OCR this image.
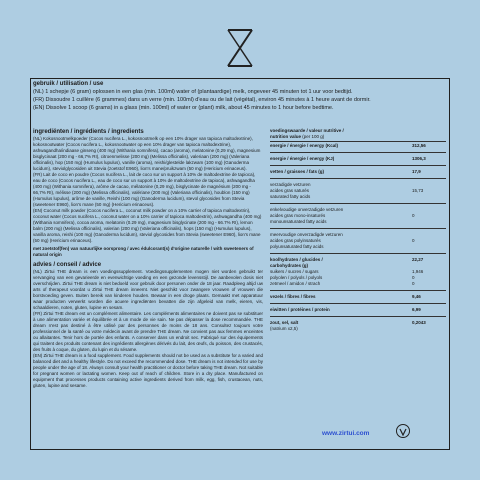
gebruik / utilisation / use
(NL) 1 schepje (6 gram) oplossen in een glas (min. 100ml) water of (plantaardige) melk, ongeveer 45 minuten tot 1 uur voor bedtijd.
(FR) Dissoudre 1 cuillère (6 grammes) dans un verre (min. 100ml) d'eau ou de lait (végétal), environ 45 minutes à 1 heure avant de dormir.
(EN) Dissolve 1 scoop (6 grams) in a glass (min. 100ml) of water or (plant) milk, about 45 minutes to 1 hour before bedtime.
ingrediënten / ingrédients / ingredients
(NL) Kokosnootmelkpoeder (Cocos nucifera L., kokosnootmelk op een 10% drager van tapioca maltodextrine), kokosnootwater (Cocos nucifera L., kokosnootwater op een 10% drager van tapioca maltodextrine), ashwagandha/indiaase ginseng (400 mg) (Withania somnifera), cacao (aroma), melatonine (0,29 mg), magnesium bisglycinaat (200 mg - 66,7% RI), citroenmelisse (200 mg) (Melissa officinalis), valeriaan (200 mg) (Valeriana officinalis), hop (150 mg) (Humulus lupulus), vanille (aroma), reishi/glestelde lakzwam (100 mg) (Ganoderma lucidum), steviolglycosiden uit Stevia (zoetstof E960), lion's mane/pruikzwam (50 mg) (Hericium erinaceus).
(FR) Lait de coco en poudre (Cocos nucifera L., lait de coco sur un support à 10% de maltodextrine de tapioca), eau de coco (Cocos nucifera L., eau de coco sur un support à 10% de maltodextrine de tapioca), ashwagandha (400 mg) (Withania somnifera), arôme de cacao, mélatonine (0,29 mg), bisglycinate de magnésium (200 mg - 66,7% RI), mélisse (200 mg) (Melissa officinalis), valériane (200 mg) (Valeriana officinalis), houblon (150 mg) (Humulus lupulus), arôme de vanille, Reishi (100 mg) (Ganoderma lucidum), stevol glycosides from Stevia (sweetener E960), lion's mane (50 mg) (Hericium erinaceus).
(EN) Coconut milk powder (Cocos nucifera L., coconut milk powder on a 10% carrier of tapioca maltodextrin), coconut water (Cocos nucifera L., coconut water on a 10% carrier of tapioca maltodextrin), ashwagandha (400 mg) (Withania somnifera), cocoa aroma, melatonin (0.29 mg), magnesium bisglycinate (200 mg - 66.7% RI), lemon balm (200 mg) (Melissa officinalis), valerian (200 mg) (Valeriana officinalis), hops (150 mg) (Humulus lupulus), vanilla aroma, reishi (100 mg) (Ganoderma lucidum), steviol glycosides from Stevia (sweetener E960), lion's mane (50 mg) (Hericium erinaceus).
met zoetstof(fen) van natuurlijke oorsprong / avec édulcorant(s) d'origine naturelle / with sweeteners of natural origin
advies / conseil / advice

(NL) Zirtui THE dream is een voedingssupplement. Voedingssupplementen mogen niet worden gebruikt ter vervanging van een gevarieerde en evenwichtige voeding en een gezonde levensstijl. De aanbevolen dosis niet overschrijden. Zirtui THE dream is niet bedoeld voor gebruik door personen onder de 18 jaar. Raadpleeg altijd uw arts of therapeut voordat u Zirtui THE dream inneemt. Niet geschikt voor zwangere vrouwen of vrouwen die borstvoeding geven. Buiten bereik van kinderen houden. Bewaar in een droge plaats. Gemaakt met apparatuur waar producten verwerkt worden die acuere ingrediënten bevatten die zijn afgeleid van melk, eieren, vis, schaaldieren, noten, gluten, lupine en sesam.

(FR) Zirtui THE dream est un complément alimentaire. Les compléments alimentaires ne doivent pas se substituer à une alimentation variée et équilibrée et à un mode de vie sain. Ne pas dépasser la dose recommandée. THE dream n'est pas destiné à être utilisé par des personnes de moins de 18 ans. Consultez toujours votre professionnel de la santé ou votre médecin avant de prendre THE dream. Ne convient pas aux femmes enceintes ou allaitantes. Tenir hors de portée des enfants. A conserver dans un endroit sec. Fabriqué sur des équipements qui traitent des produits contenant des ingrédients allergènes dérivés du lait, des œufs, du poisson, des crustacés, des fruits à coque, du gluten, du lupin et du sésame.

(EN) Zirtui THE dream is a food supplement. Food supplements should not be used as a substitute for a varied and balanced diet and a healthy lifestyle. Do not exceed the recommended dose. THE dream is not intended for use by people under the age of 18. Always consult your health practitioner or doctor before taking THE dream. Not suitable for pregnant women or lactating women. Keep out of reach of children. Store in a dry place. Manufactured on equipment that processes products containing active ingredients derived from milk, egg, fish, crustacean, nuts, gluten, lupine and sesame.

voedingswaarde / valeur nutritive /
nutrition value (per 100 g)
energie / énergie / energy (Kcal)	312,56
energie / énergie / energy (KJ)	1306,3
vetten / graisses / fats (g)	17,9
verzadigde vetzuren
acides gras saturés	15,73
saturated fatty acids
enkelvoudige onverzadigde vetzuren
acides gras mono-insaturés	0
monounsaturated fatty acids
meervoudige onverzadigde vetzuren
acides gras polyinsaturés	0
polyunsaturated fatty acids
koolhydraten / glucides /	22,27
carbohydrates (g)
suikers / sucres / sugars	1,946
polyolen / polyols / polyols	0
zetmeel / amidon / strach	0
vezels / fibres / fibres	9,46
eiwitten / protéines / protein	6,99
zout, sel, salt	0,2043
(natrium x2,5)
www.zirtui.com
